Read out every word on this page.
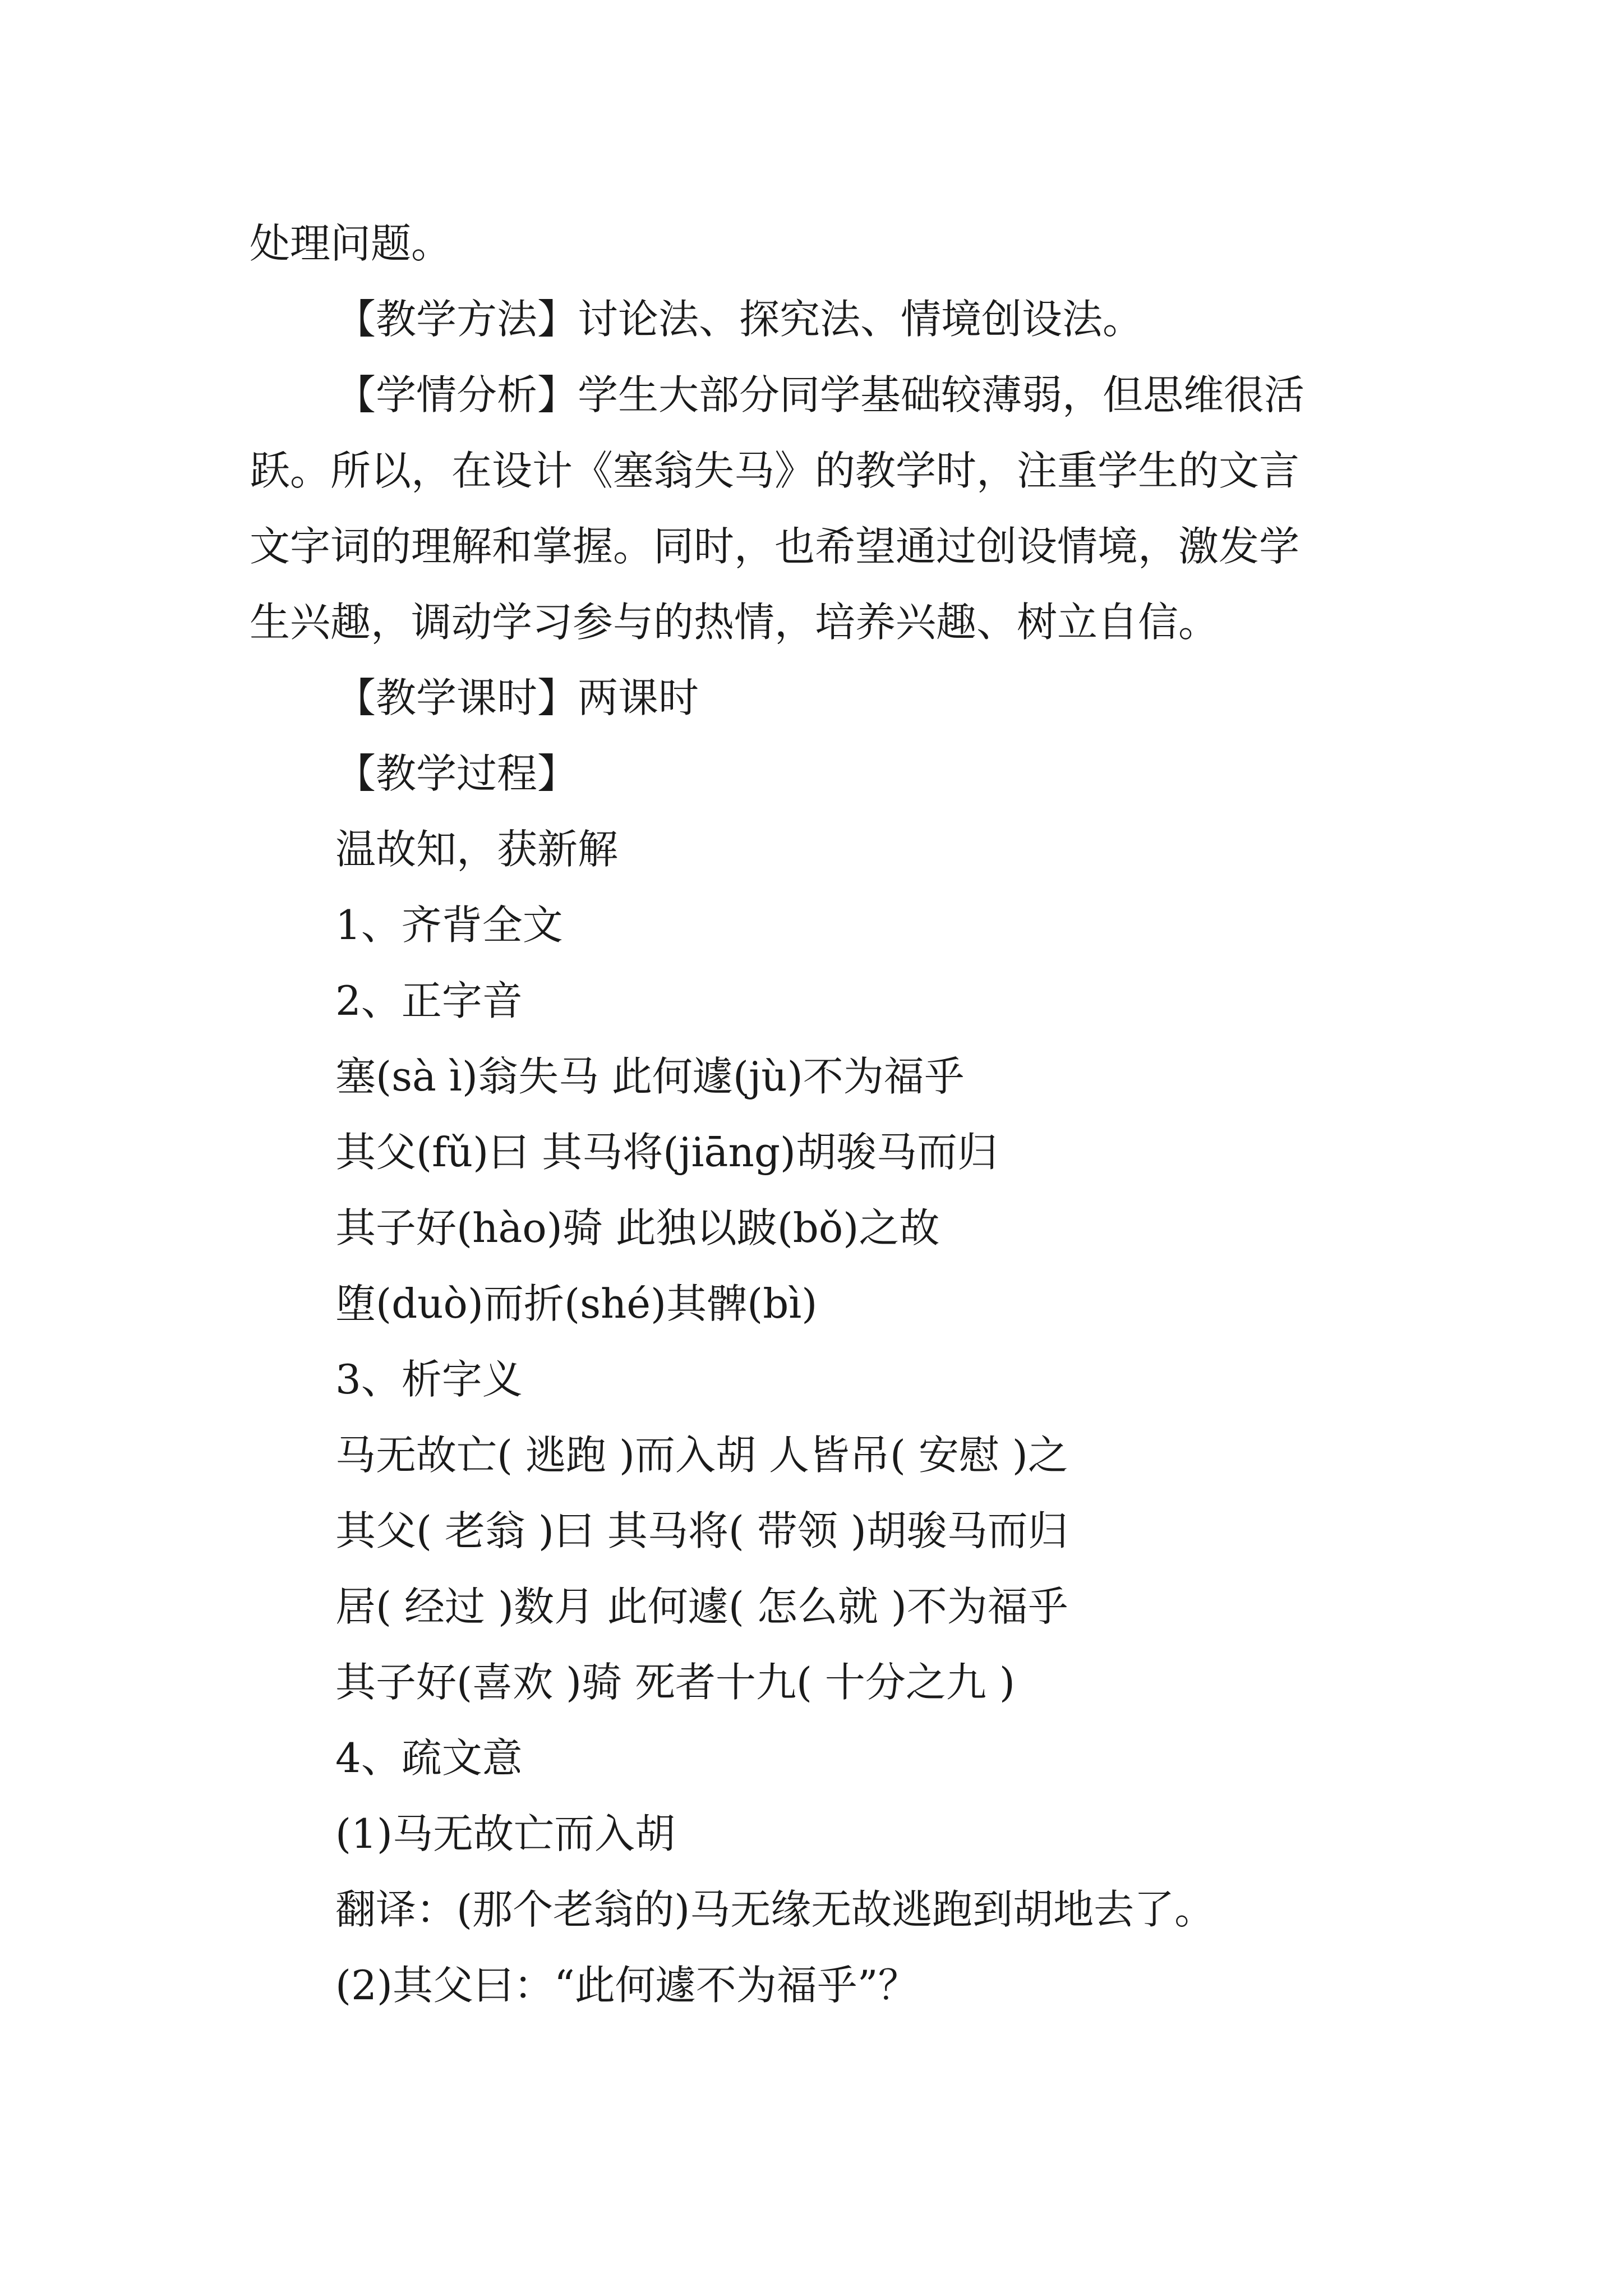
处理问题。
【教学方法】讨论法、探究法、情境创设法。
【学情分析】学生大部分同学基础较薄弱，但思维很活
跃。所以，在设计《塞翁失马》的教学时，注重学生的文言
文字词的理解和掌握。同时，也希望通过创设情境，激发学
生兴趣，调动学习参与的热情，培养兴趣、树立自信。
【教学课时】两课时
【教学过程】
温故知，获新解
1、齐背全文
2、正字音
塞(sà ì)翁失马 此何遽(jù)不为福乎
其父(fǔ)曰 其马将(jiāng)胡骏马而归
其子好(hào)骑 此独以跛(bǒ)之故
堕(duò)而折(shé)其髀(bì)
3、析字义
马无故亡( 逃跑 )而入胡 人皆吊( 安慰 )之
其父( 老翁 )曰 其马将( 带领 )胡骏马而归
居( 经过 )数月 此何遽( 怎么就 )不为福乎
其子好(喜欢 )骑 死者十九( 十分之九 )
4、疏文意
(1)马无故亡而入胡
翻译：(那个老翁的)马无缘无故逃跑到胡地去了。
(2)其父曰：“此何遽不为福乎”？
